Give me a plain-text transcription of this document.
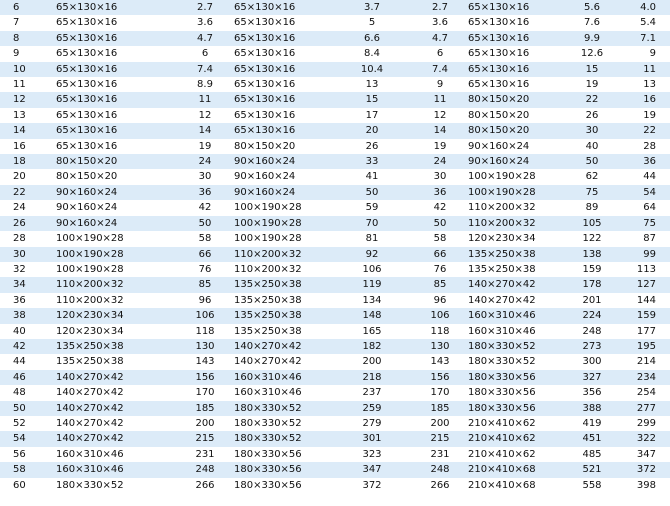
6	65×130×16	2.7	65×130×16	3.7	2.7	65×130×16	5.6	4.0
7	65×130×16	3.6	65×130×16	5	3.6	65×130×16	7.6	5.4
8	65×130×16	4.7	65×130×16	6.6	4.7	65×130×16	9.9	7.1
9	65×130×16	6	65×130×16	8.4	6	65×130×16	12.6	9
10	65×130×16	7.4	65×130×16	10.4	7.4	65×130×16	15	11
11	65×130×16	8.9	65×130×16	13	9	65×130×16	19	13
12	65×130×16	11	65×130×16	15	11	80×150×20	22	16
13	65×130×16	12	65×130×16	17	12	80×150×20	26	19
14	65×130×16	14	65×130×16	20	14	80×150×20	30	22
16	65×130×16	19	80×150×20	26	19	90×160×24	40	28
18	80×150×20	24	90×160×24	33	24	90×160×24	50	36
20	80×150×20	30	90×160×24	41	30	100×190×28	62	44
22	90×160×24	36	90×160×24	50	36	100×190×28	75	54
24	90×160×24	42	100×190×28	59	42	110×200×32	89	64
26	90×160×24	50	100×190×28	70	50	110×200×32	105	75
28	100×190×28	58	100×190×28	81	58	120×230×34	122	87
30	100×190×28	66	110×200×32	92	66	135×250×38	138	99
32	100×190×28	76	110×200×32	106	76	135×250×38	159	113
34	110×200×32	85	135×250×38	119	85	140×270×42	178	127
36	110×200×32	96	135×250×38	134	96	140×270×42	201	144
38	120×230×34	106	135×250×38	148	106	160×310×46	224	159
40	120×230×34	118	135×250×38	165	118	160×310×46	248	177
42	135×250×38	130	140×270×42	182	130	180×330×52	273	195
44	135×250×38	143	140×270×42	200	143	180×330×52	300	214
46	140×270×42	156	160×310×46	218	156	180×330×56	327	234
48	140×270×42	170	160×310×46	237	170	180×330×56	356	254
50	140×270×42	185	180×330×52	259	185	180×330×56	388	277
52	140×270×42	200	180×330×52	279	200	210×410×62	419	299
54	140×270×42	215	180×330×52	301	215	210×410×62	451	322
56	160×310×46	231	180×330×56	323	231	210×410×62	485	347
58	160×310×46	248	180×330×56	347	248	210×410×68	521	372
60	180×330×52	266	180×330×56	372	266	210×410×68	558	398
